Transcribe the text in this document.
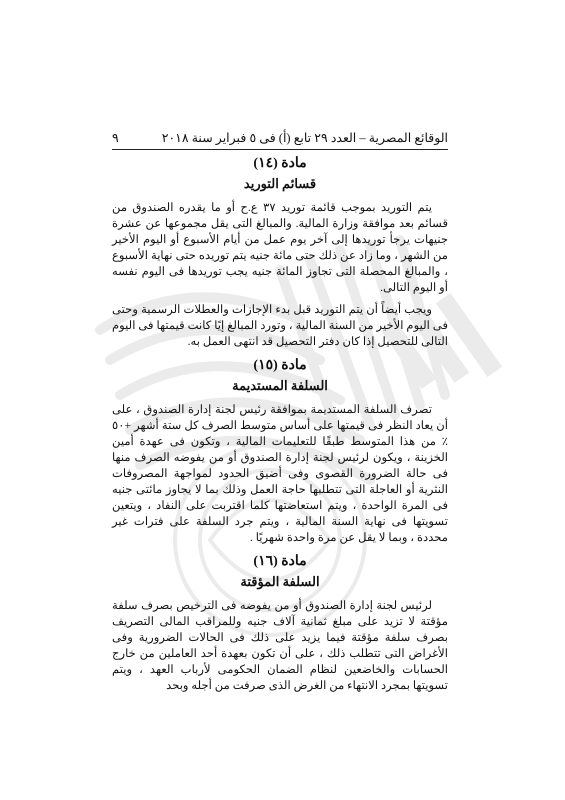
الوقائع المصرية – العدد ٢٩ تابع (أ) فى ٥ فبراير سنة ٢٠١٨
٩
مادة (١٤)
قسائم التوريد

يتم التوريد بموجب قائمة توريد ٣٧ ع.ح أو ما يقدره الصندوق من قسائم بعد موافقة وزارة المالية. والمبالغ التى يقل مجموعها عن عشرة جنيهات يرجأ توريدها إلى آخر يوم عمل من أيام الأسبوع أو اليوم الأخير من الشهر ، وما زاد عن ذلك حتى مائة جنيه يتم توريده حتى نهاية الأسبوع ، والمبالغ المحصلة التى تجاوز المائة جنيه يجب توريدها فى اليوم نفسه أو اليوم التالى.

ويجب أيضاً أن يتم التوريد قبل بدء الإجازات والعطلات الرسمية وحتى فى اليوم الأخير من السنة المالية ، وتورد المبالغ إيًا كانت قيمتها فى اليوم التالى للتحصيل إذا كان دفتر التحصيل قد انتهى العمل به.

مادة (١٥)
السلفة المستديمة

تصرف السلفة المستديمة بموافقة رئيس لجنة إدارة الصندوق ، على أن يعاد النظر فى قيمتها على أساس متوسط الصرف كل ستة أشهر +٥٠ ٪ من هذا المتوسط طبقًا للتعليمات المالية ، وتكون فى عهدة أمين الخزينة ، ويكون لرئيس لجنة إدارة الصندوق أو من يفوضه الصرف منها فى حالة الضرورة القصوى وفى أضيق الحدود لمواجهة المصروفات النثرية أو العاجلة التى تتطلبها حاجة العمل وذلك بما لا يجاوز مائتى جنيه فى المرة الواحدة ، ويتم استعاضتها كلما اقتربت على النفاد ، ويتعين تسويتها فى نهاية السنة المالية ، ويتم جرد السلفة على فترات غير محددة ، وبما لا يقل عن مرة واحدة شهريًا .

مادة (١٦)
السلفة المؤقتة

لرئيس لجنة إدارة الصندوق أو من يفوضه فى الترخيص بصرف سلفة مؤقتة لا تزيد على مبلغ ثمانية آلاف جنيه وللمراقب المالى التصريف بصرف سلفة مؤقتة فيما يزيد على ذلك فى الحالات الضرورية وفى الأغراض التى تتطلب ذلك ، على أن تكون بعهدة أحد العاملين من خارج الحسابات والخاضعين لنظام الضمان الحكومى لأرباب العهد ، ويتم تسويتها بمجرد الانتهاء من الغرض الذى صرفت من أجله وبحد
